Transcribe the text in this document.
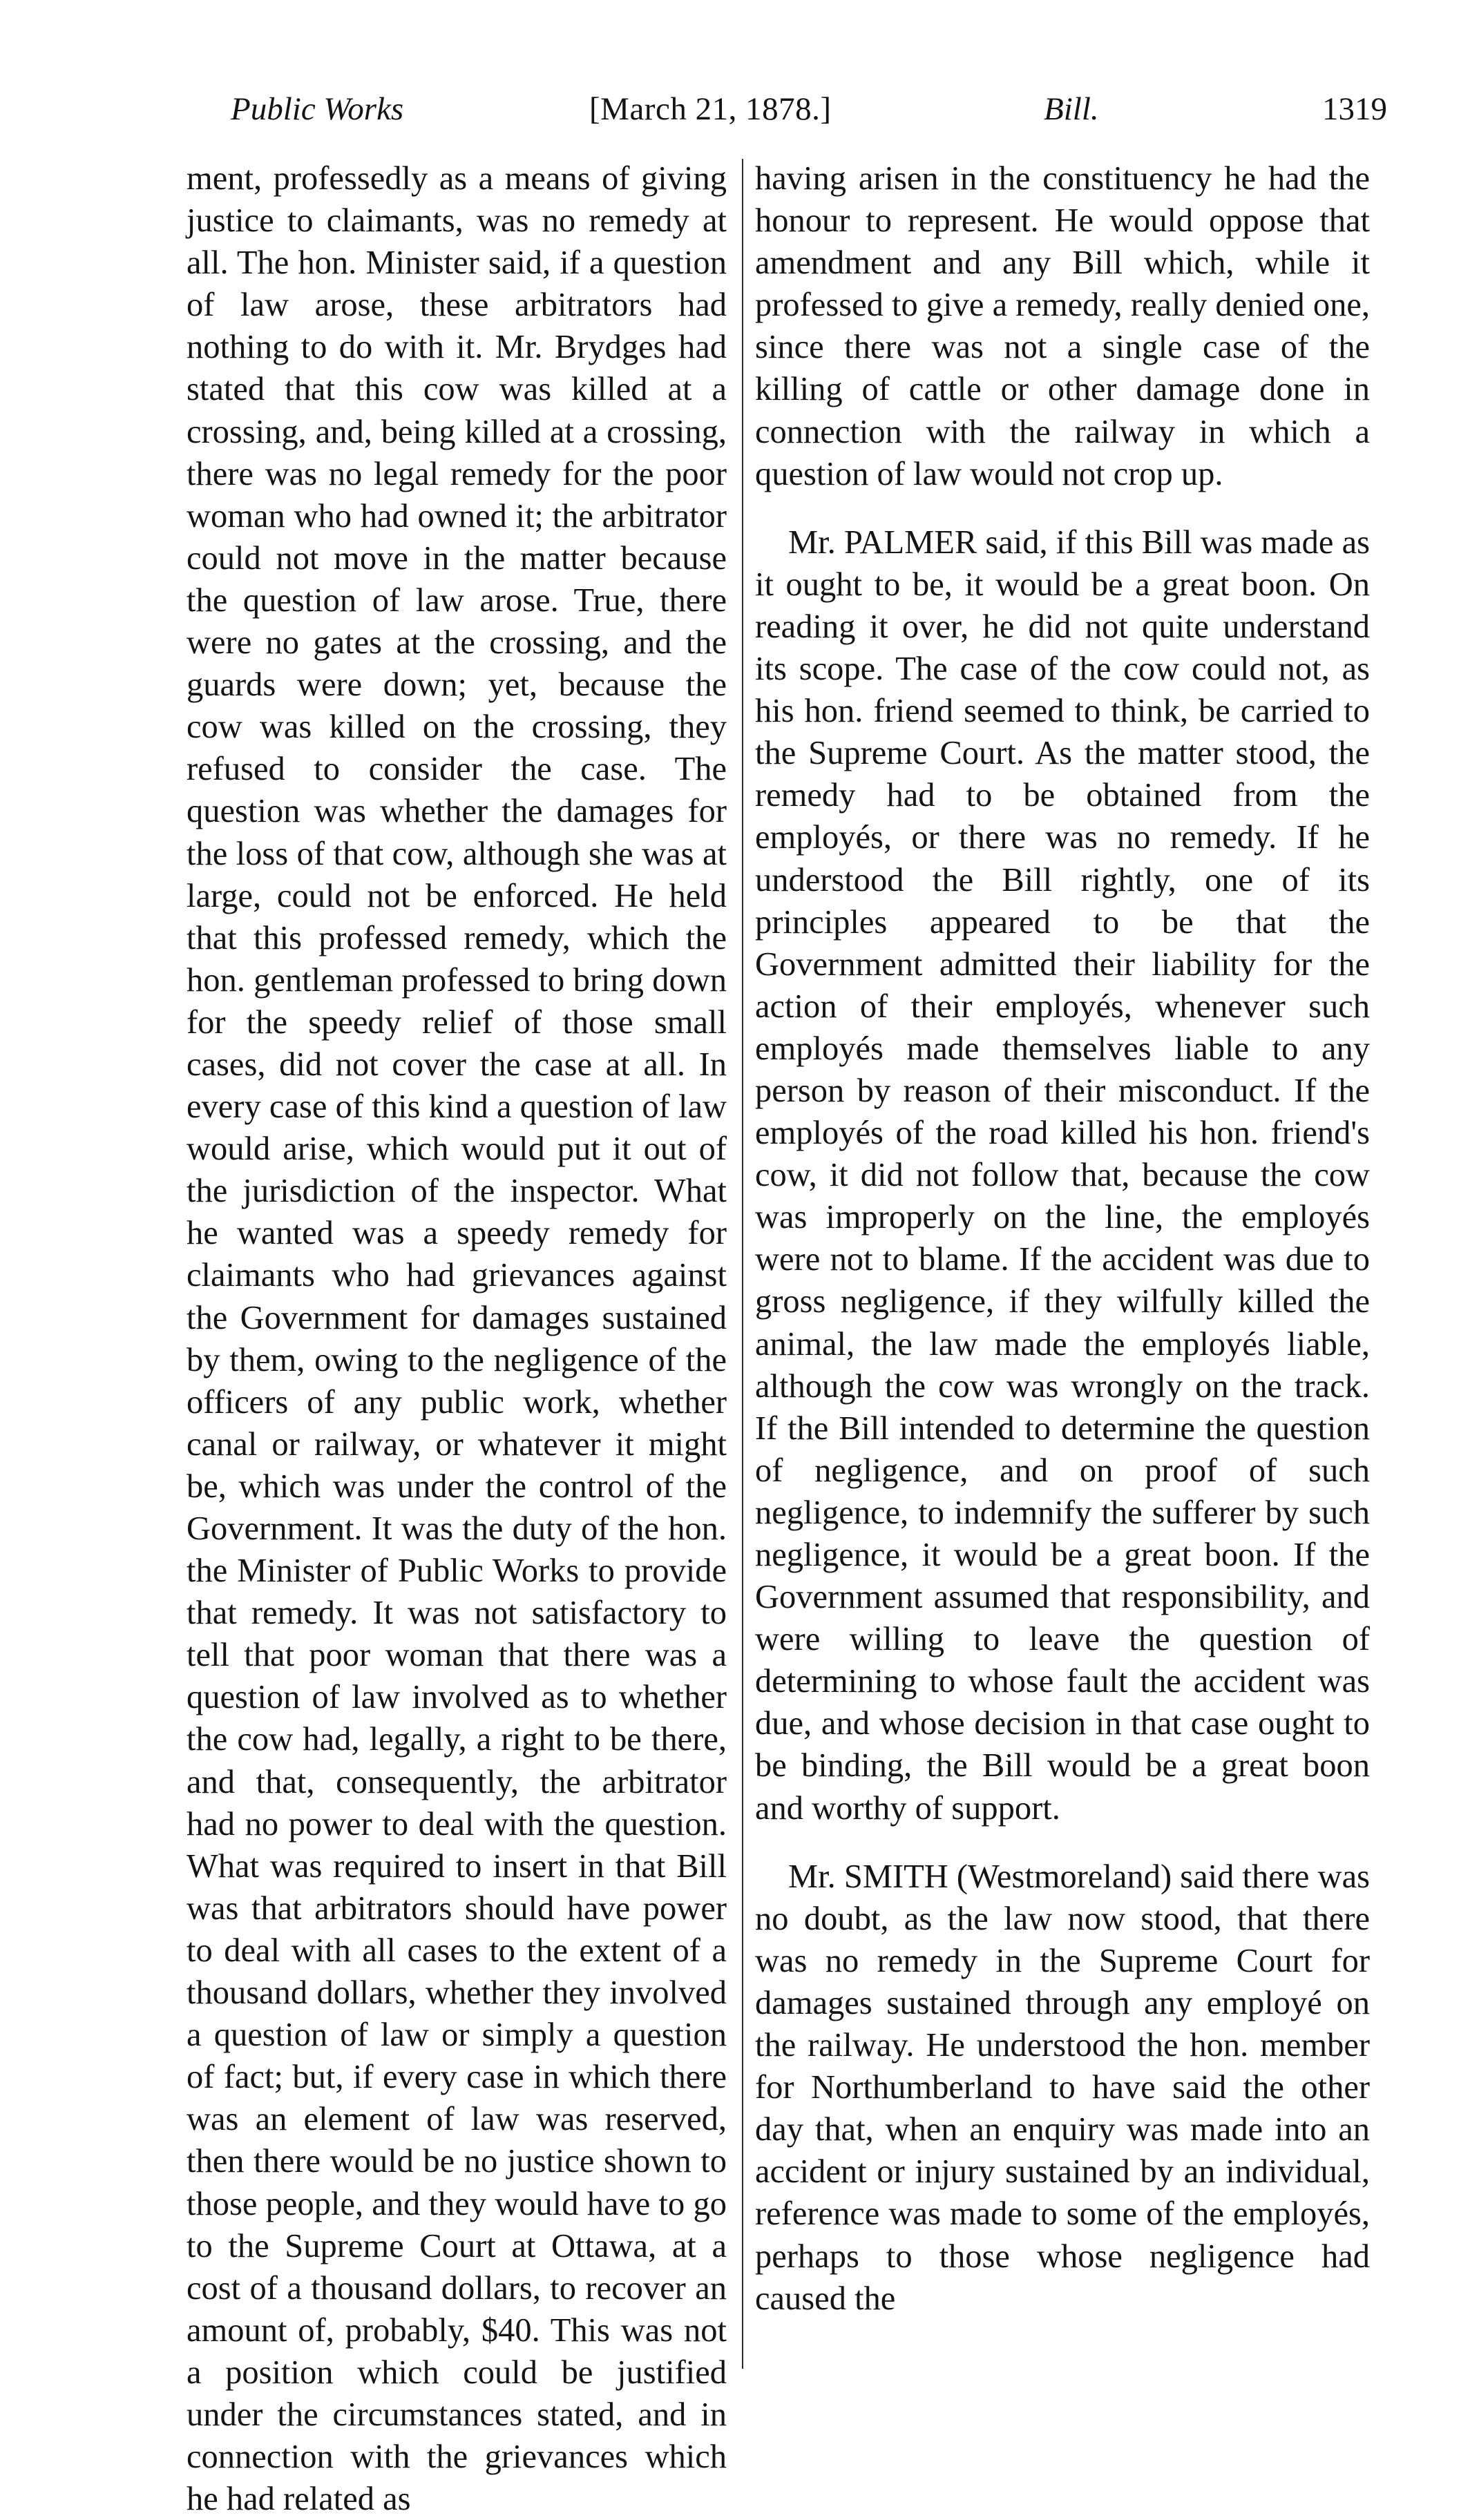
Public Works	[March 21, 1878.]	Bill.	1319

ment, professedly as a means of giving justice to claimants, was no remedy at all. The hon. Minister said, if a question of law arose, these arbitrators had nothing to do with it. Mr. Brydges had stated that this cow was killed at a crossing, and, being killed at a crossing, there was no legal remedy for the poor woman who had owned it; the arbitrator could not move in the matter because the question of law arose. True, there were no gates at the crossing, and the guards were down; yet, because the cow was killed on the crossing, they refused to consider the case. The question was whether the damages for the loss of that cow, although she was at large, could not be enforced. He held that this professed remedy, which the hon. gentleman professed to bring down for the speedy relief of those small cases, did not cover the case at all. In every case of this kind a question of law would arise, which would put it out of the jurisdiction of the inspector. What he wanted was a speedy remedy for claimants who had grievances against the Government for damages sustained by them, owing to the negligence of the officers of any public work, whether canal or railway, or whatever it might be, which was under the control of the Government. It was the duty of the hon. the Minister of Public Works to provide that remedy. It was not satisfactory to tell that poor woman that there was a question of law involved as to whether the cow had, legally, a right to be there, and that, consequently, the arbitrator had no power to deal with the question. What was required to insert in that Bill was that arbitrators should have power to deal with all cases to the extent of a thousand dollars, whether they involved a question of law or simply a question of fact; but, if every case in which there was an element of law was reserved, then there would be no justice shown to those people, and they would have to go to the Supreme Court at Ottawa, at a cost of a thousand dollars, to recover an amount of, probably, $40. This was not a position which could be justified under the circumstances stated, and in connection with the grievances which he had related as

having arisen in the constituency he had the honour to represent. He would oppose that amendment and any Bill which, while it professed to give a remedy, really denied one, since there was not a single case of the killing of cattle or other damage done in connection with the railway in which a question of law would not crop up.

Mr. PALMER said, if this Bill was made as it ought to be, it would be a great boon. On reading it over, he did not quite understand its scope. The case of the cow could not, as his hon. friend seemed to think, be carried to the Supreme Court. As the matter stood, the remedy had to be obtained from the employés, or there was no remedy. If he understood the Bill rightly, one of its principles appeared to be that the Government admitted their liability for the action of their employés, whenever such employés made themselves liable to any person by reason of their misconduct. If the employés of the road killed his hon. friend's cow, it did not follow that, because the cow was improperly on the line, the employés were not to blame. If the accident was due to gross negligence, if they wilfully killed the animal, the law made the employés liable, although the cow was wrongly on the track. If the Bill intended to determine the question of negligence, and on proof of such negligence, to indemnify the sufferer by such negligence, it would be a great boon. If the Government assumed that responsibility, and were willing to leave the question of determining to whose fault the accident was due, and whose decision in that case ought to be binding, the Bill would be a great boon and worthy of support.

Mr. SMITH (Westmoreland) said there was no doubt, as the law now stood, that there was no remedy in the Supreme Court for damages sustained through any employé on the railway. He understood the hon. member for Northumberland to have said the other day that, when an enquiry was made into an accident or injury sustained by an individual, reference was made to some of the employés, perhaps to those whose negligence had caused the
